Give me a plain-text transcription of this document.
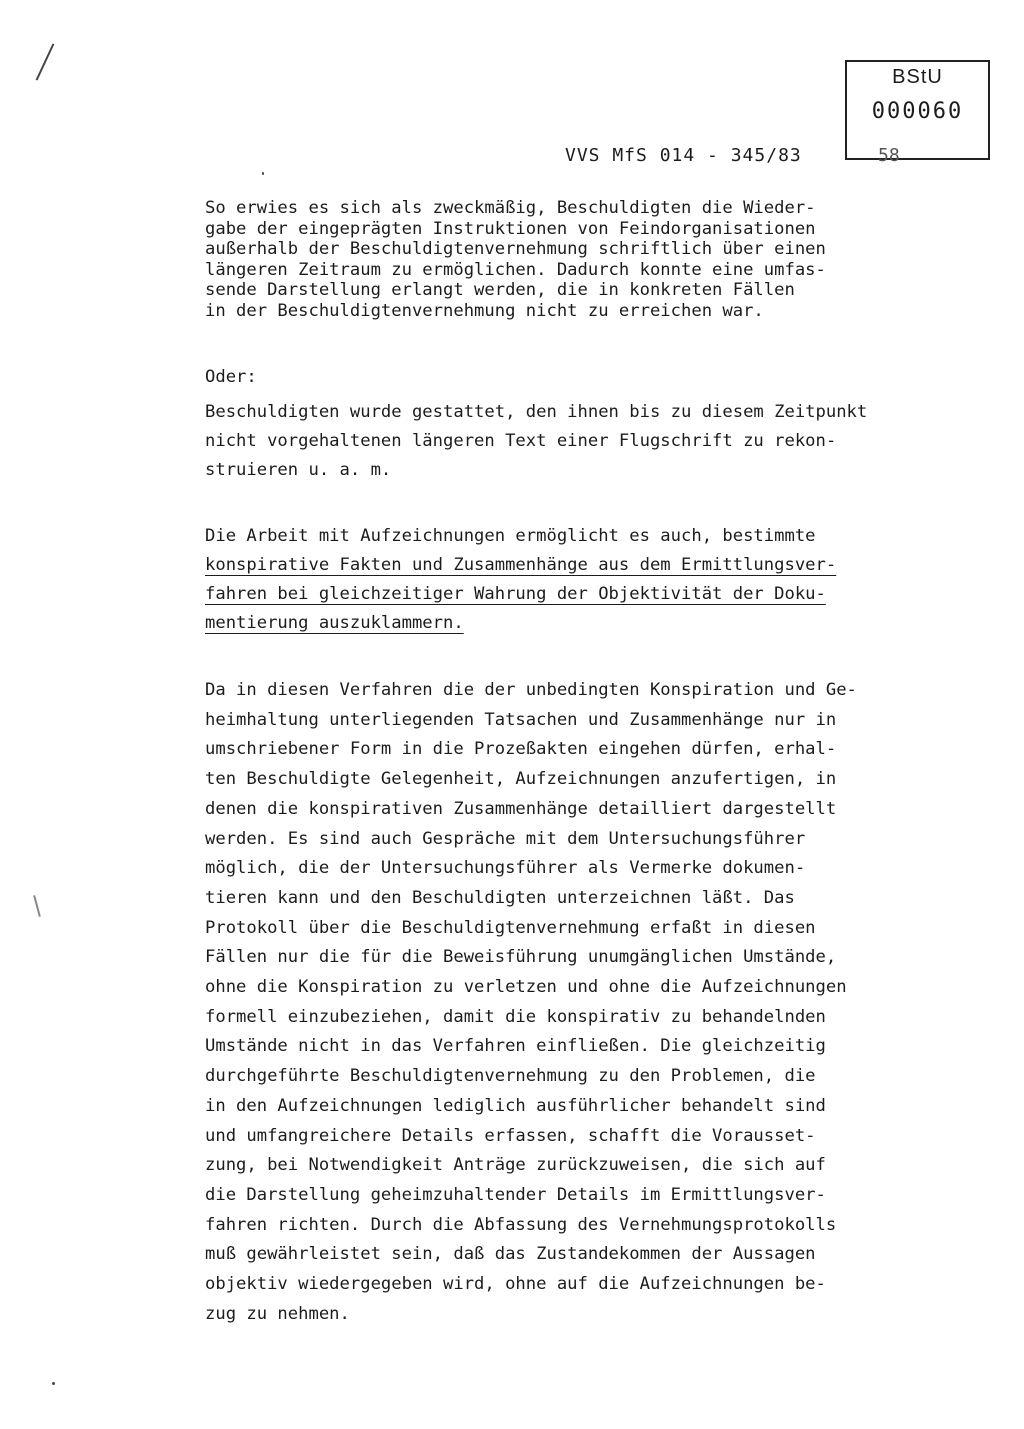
BStU
000060
VVS MfS 014 - 345/83	58

So erwies es sich als zweckmäßig, Beschuldigten die Wieder-

gabe der eingeprägten Instruktionen von Feindorganisationen

außerhalb der Beschuldigtenvernehmung schriftlich über einen

längeren Zeitraum zu ermöglichen. Dadurch konnte eine umfas-

sende Darstellung erlangt werden, die in konkreten Fällen

in der Beschuldigtenvernehmung nicht zu erreichen war.

Oder:

Beschuldigten wurde gestattet, den ihnen bis zu diesem Zeitpunkt

nicht vorgehaltenen längeren Text einer Flugschrift zu rekon-

struieren u. a. m.

Die Arbeit mit Aufzeichnungen ermöglicht es auch, bestimmte

konspirative Fakten und Zusammenhänge aus dem Ermittlungsver-

fahren bei gleichzeitiger Wahrung der Objektivität der Doku-

mentierung auszuklammern.

Da in diesen Verfahren die der unbedingten Konspiration und Ge-

heimhaltung unterliegenden Tatsachen und Zusammenhänge nur in

umschriebener Form in die Prozeßakten eingehen dürfen, erhal-

ten Beschuldigte Gelegenheit, Aufzeichnungen anzufertigen, in

denen die konspirativen Zusammenhänge detailliert dargestellt

werden. Es sind auch Gespräche mit dem Untersuchungsführer

möglich, die der Untersuchungsführer als Vermerke dokumen-

tieren kann und den Beschuldigten unterzeichnen läßt. Das

Protokoll über die Beschuldigtenvernehmung erfaßt in diesen

Fällen nur die für die Beweisführung unumgänglichen Umstände,

ohne die Konspiration zu verletzen und ohne die Aufzeichnungen

formell einzubeziehen, damit die konspirativ zu behandelnden

Umstände nicht in das Verfahren einfließen. Die gleichzeitig

durchgeführte Beschuldigtenvernehmung zu den Problemen, die

in den Aufzeichnungen lediglich ausführlicher behandelt sind

und umfangreichere Details erfassen, schafft die Vorausset-

zung, bei Notwendigkeit Anträge zurückzuweisen, die sich auf

die Darstellung geheimzuhaltender Details im Ermittlungsver-

fahren richten. Durch die Abfassung des Vernehmungsprotokolls

muß gewährleistet sein, daß das Zustandekommen der Aussagen

objektiv wiedergegeben wird, ohne auf die Aufzeichnungen be-

zug zu nehmen.
